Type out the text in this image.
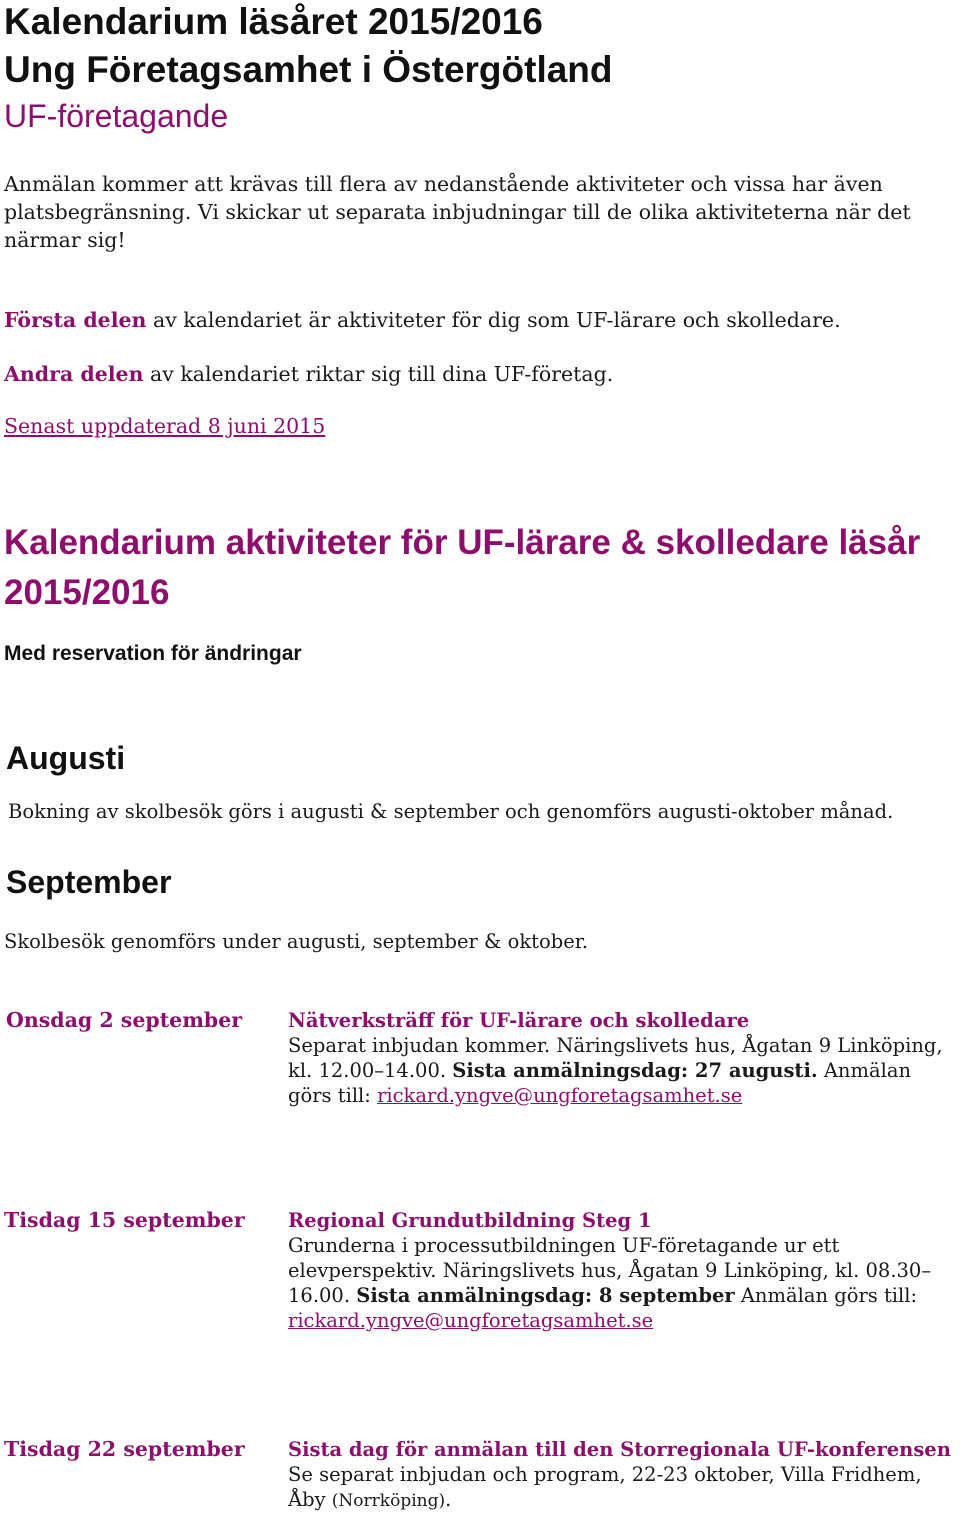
Kalendarium läsåret 2015/2016
Ung Företagsamhet i Östergötland
UF-företagande
Anmälan kommer att krävas till flera av nedanstående aktiviteter och vissa har även platsbegränsning. Vi skickar ut separata inbjudningar till de olika aktiviteterna när det närmar sig!
Första delen av kalendariet är aktiviteter för dig som UF-lärare och skolledare.
Andra delen av kalendariet riktar sig till dina UF-företag.
Senast uppdaterad 8 juni 2015
Kalendarium aktiviteter för UF-lärare & skolledare läsår 2015/2016
Med reservation för ändringar
Augusti
Bokning av skolbesök görs i augusti & september och genomförs augusti-oktober månad.
September
Skolbesök genomförs under augusti, september & oktober.
Onsdag 2 september Nätverksträff för UF-lärare och skolledare
Separat inbjudan kommer. Näringslivets hus, Ågatan 9 Linköping, kl. 12.00–14.00. Sista anmälningsdag: 27 augusti. Anmälan görs till: rickard.yngve@ungforetagsamhet.se
Tisdag 15 september Regional Grundutbildning Steg 1
Grunderna i processutbildningen UF-företagande ur ett elevperspektiv. Näringslivets hus, Ågatan 9 Linköping, kl. 08.30–16.00. Sista anmälningsdag: 8 september Anmälan görs till: rickard.yngve@ungforetagsamhet.se
Tisdag 22 september Sista dag för anmälan till den Storregionala UF-konferensen Se separat inbjudan och program, 22-23 oktober, Villa Fridhem, Åby (Norrköping).
